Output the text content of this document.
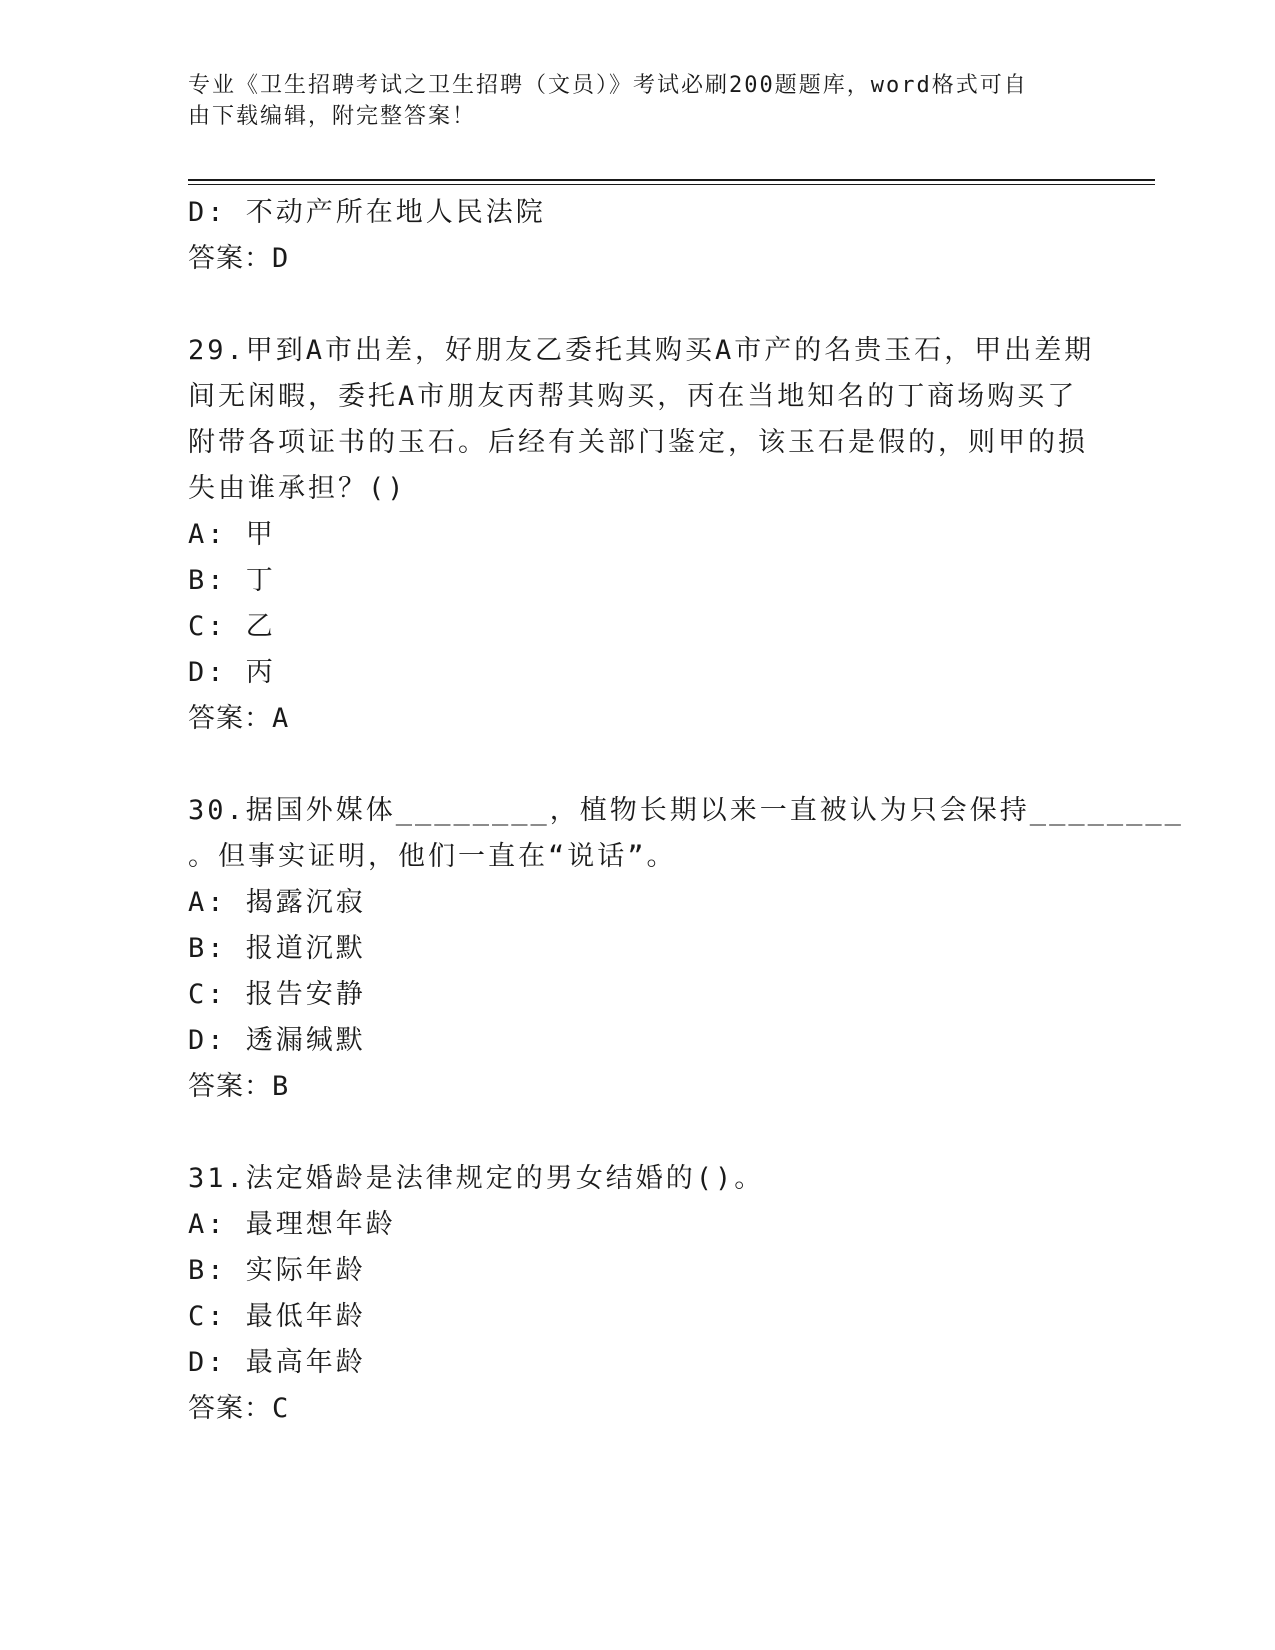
专业《卫生招聘考试之卫生招聘（文员）》考试必刷200题题库，word格式可自
由下载编辑，附完整答案！
D: 不动产所在地人民法院
答案：D
29.甲到A市出差，好朋友乙委托其购买A市产的名贵玉石，甲出差期
间无闲暇，委托A市朋友丙帮其购买，丙在当地知名的丁商场购买了
附带各项证书的玉石。后经有关部门鉴定，该玉石是假的，则甲的损
失由谁承担？()
A: 甲
B: 丁
C: 乙
D: 丙
答案：A
30.据国外媒体________，植物长期以来一直被认为只会保持________
。但事实证明，他们一直在“说话”。
A: 揭露沉寂
B: 报道沉默
C: 报告安静
D: 透漏缄默
答案：B
31.法定婚龄是法律规定的男女结婚的()。
A: 最理想年龄
B: 实际年龄
C: 最低年龄
D: 最高年龄
答案：C
